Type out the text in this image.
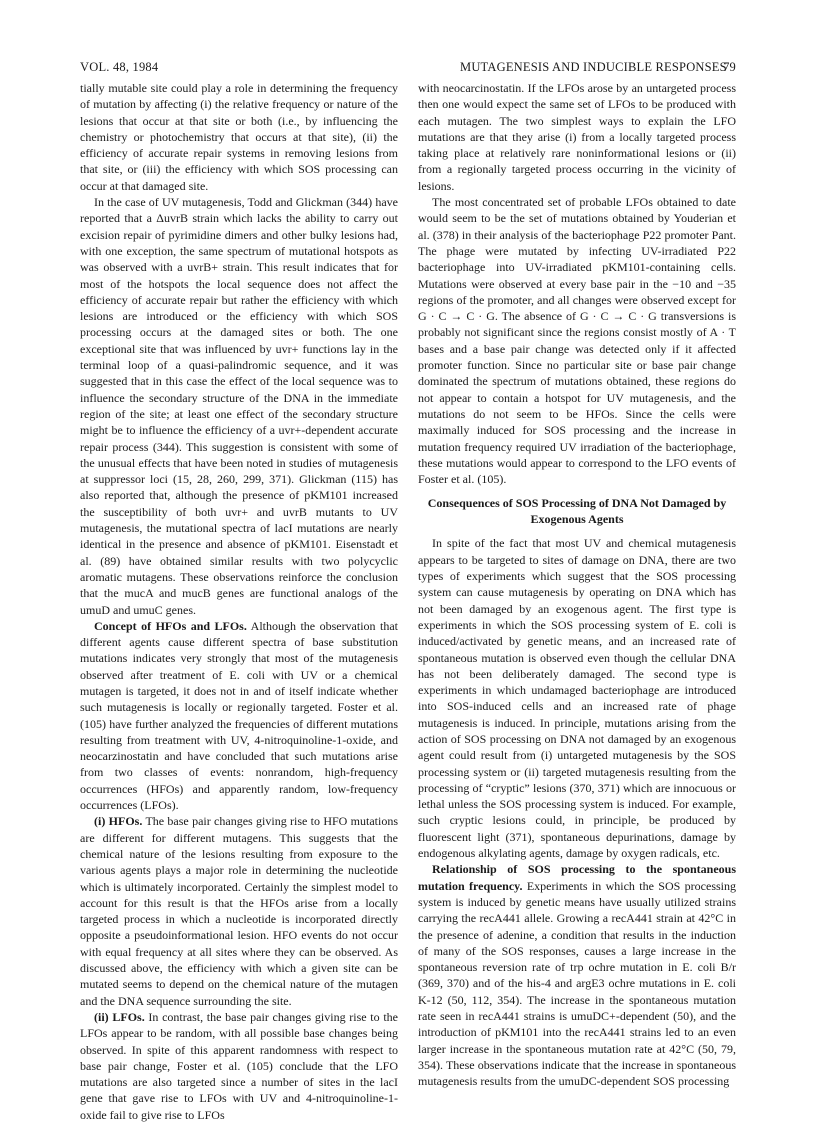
VOL. 48, 1984	MUTAGENESIS AND INDUCIBLE RESPONSES
79

tially mutable site could play a role in determining the frequency of mutation by affecting (i) the relative frequency or nature of the lesions that occur at that site or both (i.e., by influencing the chemistry or photochemistry that occurs at that site), (ii) the efficiency of accurate repair systems in removing lesions from that site, or (iii) the efficiency with which SOS processing can occur at that damaged site.

In the case of UV mutagenesis, Todd and Glickman (344) have reported that a ΔuvrB strain which lacks the ability to carry out excision repair of pyrimidine dimers and other bulky lesions had, with one exception, the same spectrum of mutational hotspots as was observed with a uvrB+ strain. This result indicates that for most of the hotspots the local sequence does not affect the efficiency of accurate repair but rather the efficiency with which lesions are introduced or the efficiency with which SOS processing occurs at the damaged sites or both. The one exceptional site that was influenced by uvr+ functions lay in the terminal loop of a quasi-palindromic sequence, and it was suggested that in this case the effect of the local sequence was to influence the secondary structure of the DNA in the immediate region of the site; at least one effect of the secondary structure might be to influence the efficiency of a uvr+-dependent accurate repair process (344). This suggestion is consistent with some of the unusual effects that have been noted in studies of mutagenesis at suppressor loci (15, 28, 260, 299, 371). Glickman (115) has also reported that, although the presence of pKM101 increased the susceptibility of both uvr+ and uvrB mutants to UV mutagenesis, the mutational spectra of lacI mutations are nearly identical in the presence and absence of pKM101. Eisenstadt et al. (89) have obtained similar results with two polycyclic aromatic mutagens. These observations reinforce the conclusion that the mucA and mucB genes are functional analogs of the umuD and umuC genes.

Concept of HFOs and LFOs. Although the observation that different agents cause different spectra of base substitution mutations indicates very strongly that most of the mutagenesis observed after treatment of E. coli with UV or a chemical mutagen is targeted, it does not in and of itself indicate whether such mutagenesis is locally or regionally targeted. Foster et al. (105) have further analyzed the frequencies of different mutations resulting from treatment with UV, 4-nitroquinoline-1-oxide, and neocarzinostatin and have concluded that such mutations arise from two classes of events: nonrandom, high-frequency occurrences (HFOs) and apparently random, low-frequency occurrences (LFOs).

(i) HFOs. The base pair changes giving rise to HFO mutations are different for different mutagens. This suggests that the chemical nature of the lesions resulting from exposure to the various agents plays a major role in determining the nucleotide which is ultimately incorporated. Certainly the simplest model to account for this result is that the HFOs arise from a locally targeted process in which a nucleotide is incorporated directly opposite a pseudoinformational lesion. HFO events do not occur with equal frequency at all sites where they can be observed. As discussed above, the efficiency with which a given site can be mutated seems to depend on the chemical nature of the mutagen and the DNA sequence surrounding the site.

(ii) LFOs. In contrast, the base pair changes giving rise to the LFOs appear to be random, with all possible base changes being observed. In spite of this apparent randomness with respect to base pair change, Foster et al. (105) conclude that the LFO mutations are also targeted since a number of sites in the lacI gene that gave rise to LFOs with UV and 4-nitroquinoline-1-oxide fail to give rise to LFOs

with neocarcinostatin. If the LFOs arose by an untargeted process then one would expect the same set of LFOs to be produced with each mutagen. The two simplest ways to explain the LFO mutations are that they arise (i) from a locally targeted process taking place at relatively rare noninformational lesions or (ii) from a regionally targeted process occurring in the vicinity of lesions.

The most concentrated set of probable LFOs obtained to date would seem to be the set of mutations obtained by Youderian et al. (378) in their analysis of the bacteriophage P22 promoter Pant. The phage were mutated by infecting UV-irradiated P22 bacteriophage into UV-irradiated pKM101-containing cells. Mutations were observed at every base pair in the −10 and −35 regions of the promoter, and all changes were observed except for G · C → C · G. The absence of G · C → C · G transversions is probably not significant since the regions consist mostly of A · T bases and a base pair change was detected only if it affected promoter function. Since no particular site or base pair change dominated the spectrum of mutations obtained, these regions do not appear to contain a hotspot for UV mutagenesis, and the mutations do not seem to be HFOs. Since the cells were maximally induced for SOS processing and the increase in mutation frequency required UV irradiation of the bacteriophage, these mutations would appear to correspond to the LFO events of Foster et al. (105).

Consequences of SOS Processing of DNA Not Damaged by Exogenous Agents

In spite of the fact that most UV and chemical mutagenesis appears to be targeted to sites of damage on DNA, there are two types of experiments which suggest that the SOS processing system can cause mutagenesis by operating on DNA which has not been damaged by an exogenous agent. The first type is experiments in which the SOS processing system of E. coli is induced/activated by genetic means, and an increased rate of spontaneous mutation is observed even though the cellular DNA has not been deliberately damaged. The second type is experiments in which undamaged bacteriophage are introduced into SOS-induced cells and an increased rate of phage mutagenesis is induced. In principle, mutations arising from the action of SOS processing on DNA not damaged by an exogenous agent could result from (i) untargeted mutagenesis by the SOS processing system or (ii) targeted mutagenesis resulting from the processing of “cryptic” lesions (370, 371) which are innocuous or lethal unless the SOS processing system is induced. For example, such cryptic lesions could, in principle, be produced by fluorescent light (371), spontaneous depurinations, damage by endogenous alkylating agents, damage by oxygen radicals, etc.

Relationship of SOS processing to the spontaneous mutation frequency. Experiments in which the SOS processing system is induced by genetic means have usually utilized strains carrying the recA441 allele. Growing a recA441 strain at 42°C in the presence of adenine, a condition that results in the induction of many of the SOS responses, causes a large increase in the spontaneous reversion rate of trp ochre mutation in E. coli B/r (369, 370) and of the his-4 and argE3 ochre mutations in E. coli K-12 (50, 112, 354). The increase in the spontaneous mutation rate seen in recA441 strains is umuDC+-dependent (50), and the introduction of pKM101 into the recA441 strains led to an even larger increase in the spontaneous mutation rate at 42°C (50, 79, 354). These observations indicate that the increase in spontaneous mutagenesis results from the umuDC-dependent SOS processing
